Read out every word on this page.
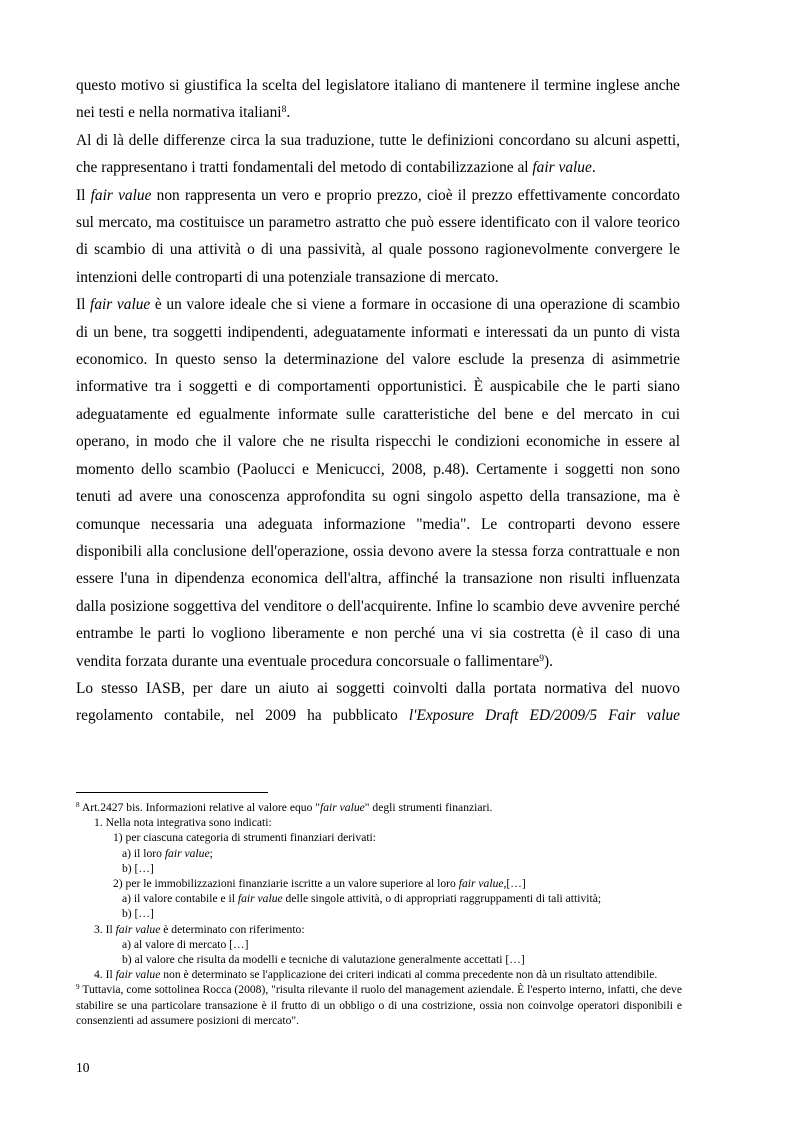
questo motivo si giustifica la scelta del legislatore italiano di mantenere il termine inglese anche nei testi e nella normativa italiani$^8$.

Al di là delle differenze circa la sua traduzione, tutte le definizioni concordano su alcuni aspetti, che rappresentano i tratti fondamentali del metodo di contabilizzazione al fair value.

Il fair value non rappresenta un vero e proprio prezzo, cioè il prezzo effettivamente concordato sul mercato, ma costituisce un parametro astratto che può essere identificato con il valore teorico di scambio di una attività o di una passività, al quale possono ragionevolmente convergere le intenzioni delle controparti di una potenziale transazione di mercato.

Il fair value è un valore ideale che si viene a formare in occasione di una operazione di scambio di un bene, tra soggetti indipendenti, adeguatamente informati e interessati da un punto di vista economico. In questo senso la determinazione del valore esclude la presenza di asimmetrie informative tra i soggetti e di comportamenti opportunistici. È auspicabile che le parti siano adeguatamente ed egualmente informate sulle caratteristiche del bene e del mercato in cui operano, in modo che il valore che ne risulta rispecchi le condizioni economiche in essere al momento dello scambio (Paolucci e Menicucci, 2008, p.48). Certamente i soggetti non sono tenuti ad avere una conoscenza approfondita su ogni singolo aspetto della transazione, ma è comunque necessaria una adeguata informazione "media". Le controparti devono essere disponibili alla conclusione dell'operazione, ossia devono avere la stessa forza contrattuale e non essere l'una in dipendenza economica dell'altra, affinché la transazione non risulti influenzata dalla posizione soggettiva del venditore o dell'acquirente. Infine lo scambio deve avvenire perché entrambe le parti lo vogliono liberamente e non perché una vi sia costretta (è il caso di una vendita forzata durante una eventuale procedura concorsuale o fallimentare$^9$).

Lo stesso IASB, per dare un aiuto ai soggetti coinvolti dalla portata normativa del nuovo regolamento contabile, nel 2009 ha pubblicato l'Exposure Draft ED/2009/5 Fair value

$^8$ Art.2427 bis. Informazioni relative al valore equo "fair value" degli strumenti finanziari.
1. Nella nota integrativa sono indicati:
1) per ciascuna categoria di strumenti finanziari derivati:
a) il loro fair value;
b) […]
2) per le immobilizzazioni finanziarie iscritte a un valore superiore al loro fair value,[…]
a) il valore contabile e il fair value delle singole attività, o di appropriati raggruppamenti di tali attività;
b) […]
3. Il fair value è determinato con riferimento:
a) al valore di mercato […]
b) al valore che risulta da modelli e tecniche di valutazione generalmente accettati […]
4. Il fair value non è determinato se l'applicazione dei criteri indicati al comma precedente non dà un risultato attendibile.
$^9$ Tuttavia, come sottolinea Rocca (2008), "risulta rilevante il ruolo del management aziendale. È l'esperto interno, infatti, che deve stabilire se una particolare transazione è il frutto di un obbligo o di una costrizione, ossia non coinvolge operatori disponibili e consenzienti ad assumere posizioni di mercato".
10
